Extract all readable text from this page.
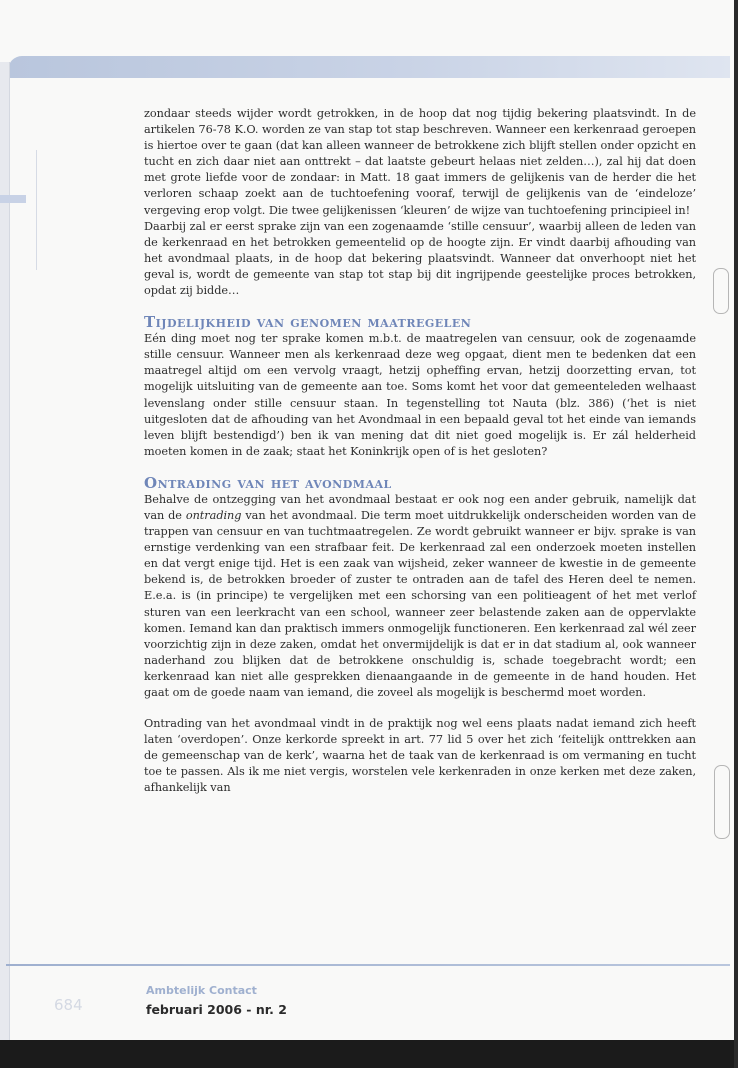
zondaar steeds wijder wordt getrokken, in de hoop dat nog tijdig bekering plaatsvindt. In de artikelen 76-78 K.O. worden ze van stap tot stap beschreven. Wanneer een kerkenraad geroepen is hiertoe over te gaan (dat kan alleen wanneer de betrokkene zich blijft stellen onder opzicht en tucht en zich daar niet aan onttrekt – dat laatste gebeurt helaas niet zelden…), zal hij dat doen met grote liefde voor de zondaar: in Matt. 18 gaat immers de gelijkenis van de herder die het verloren schaap zoekt aan de tuchtoefening vooraf, terwijl de gelijkenis van de ‘eindeloze’ vergeving erop volgt. Die twee gelijkenissen ‘kleuren’ de wijze van tuchtoefening principieel in!

Daarbij zal er eerst sprake zijn van een zogenaamde ‘stille censuur’, waarbij alleen de leden van de kerkenraad en het betrokken gemeentelid op de hoogte zijn. Er vindt daarbij afhouding van het avondmaal plaats, in de hoop dat bekering plaatsvindt. Wanneer dat onverhoopt niet het geval is, wordt de gemeente van stap tot stap bij dit ingrijpende geestelijke proces betrokken, opdat zij bidde…

Tijdelijkheid van genomen maatregelen

Eén ding moet nog ter sprake komen m.b.t. de maatregelen van censuur, ook de zogenaamde stille censuur. Wanneer men als kerkenraad deze weg opgaat, dient men te bedenken dat een maatregel altijd om een vervolg vraagt, hetzij opheffing ervan, hetzij doorzetting ervan, tot mogelijk uitsluiting van de gemeente aan toe. Soms komt het voor dat gemeenteleden welhaast levenslang onder stille censuur staan. In tegenstelling tot Nauta (blz. 386) (‘het is niet uitgesloten dat de afhouding van het Avondmaal in een bepaald geval tot het einde van iemands leven blijft bestendigd’) ben ik van mening dat dit niet goed mogelijk is. Er zál helderheid moeten komen in de zaak; staat het Koninkrijk open of is het gesloten?

Ontrading van het avondmaal

Behalve de ontzegging van het avondmaal bestaat er ook nog een ander gebruik, namelijk dat van de ontrading van het avondmaal. Die term moet uitdrukkelijk onderscheiden worden van de trappen van censuur en van tuchtmaatregelen. Ze wordt gebruikt wanneer er bijv. sprake is van ernstige verdenking van een strafbaar feit. De kerkenraad zal een onderzoek moeten instellen en dat vergt enige tijd. Het is een zaak van wijsheid, zeker wanneer de kwestie in de gemeente bekend is, de betrokken broeder of zuster te ontraden aan de tafel des Heren deel te nemen. E.e.a. is (in principe) te vergelijken met een schorsing van een politieagent of het met verlof sturen van een leerkracht van een school, wanneer zeer belastende zaken aan de oppervlakte komen. Iemand kan dan praktisch immers onmogelijk functioneren. Een kerkenraad zal wél zeer voorzichtig zijn in deze zaken, omdat het onvermijdelijk is dat er in dat stadium al, ook wanneer naderhand zou blijken dat de betrokkene onschuldig is, schade toegebracht wordt; een kerkenraad kan niet alle gesprekken dienaangaande in de gemeente in de hand houden. Het gaat om de goede naam van iemand, die zoveel als mogelijk is beschermd moet worden.

Ontrading van het avondmaal vindt in de praktijk nog wel eens plaats nadat iemand zich heeft laten ‘overdopen’. Onze kerkorde spreekt in art. 77 lid 5 over het zich ‘feitelijk onttrekken aan de gemeenschap van de kerk’, waarna het de taak van de kerkenraad is om vermaning en tucht toe te passen. Als ik me niet vergis, worstelen vele kerkenraden in onze kerken met deze zaken, afhankelijk van

684
Ambtelijk Contact
februari 2006 - nr. 2
